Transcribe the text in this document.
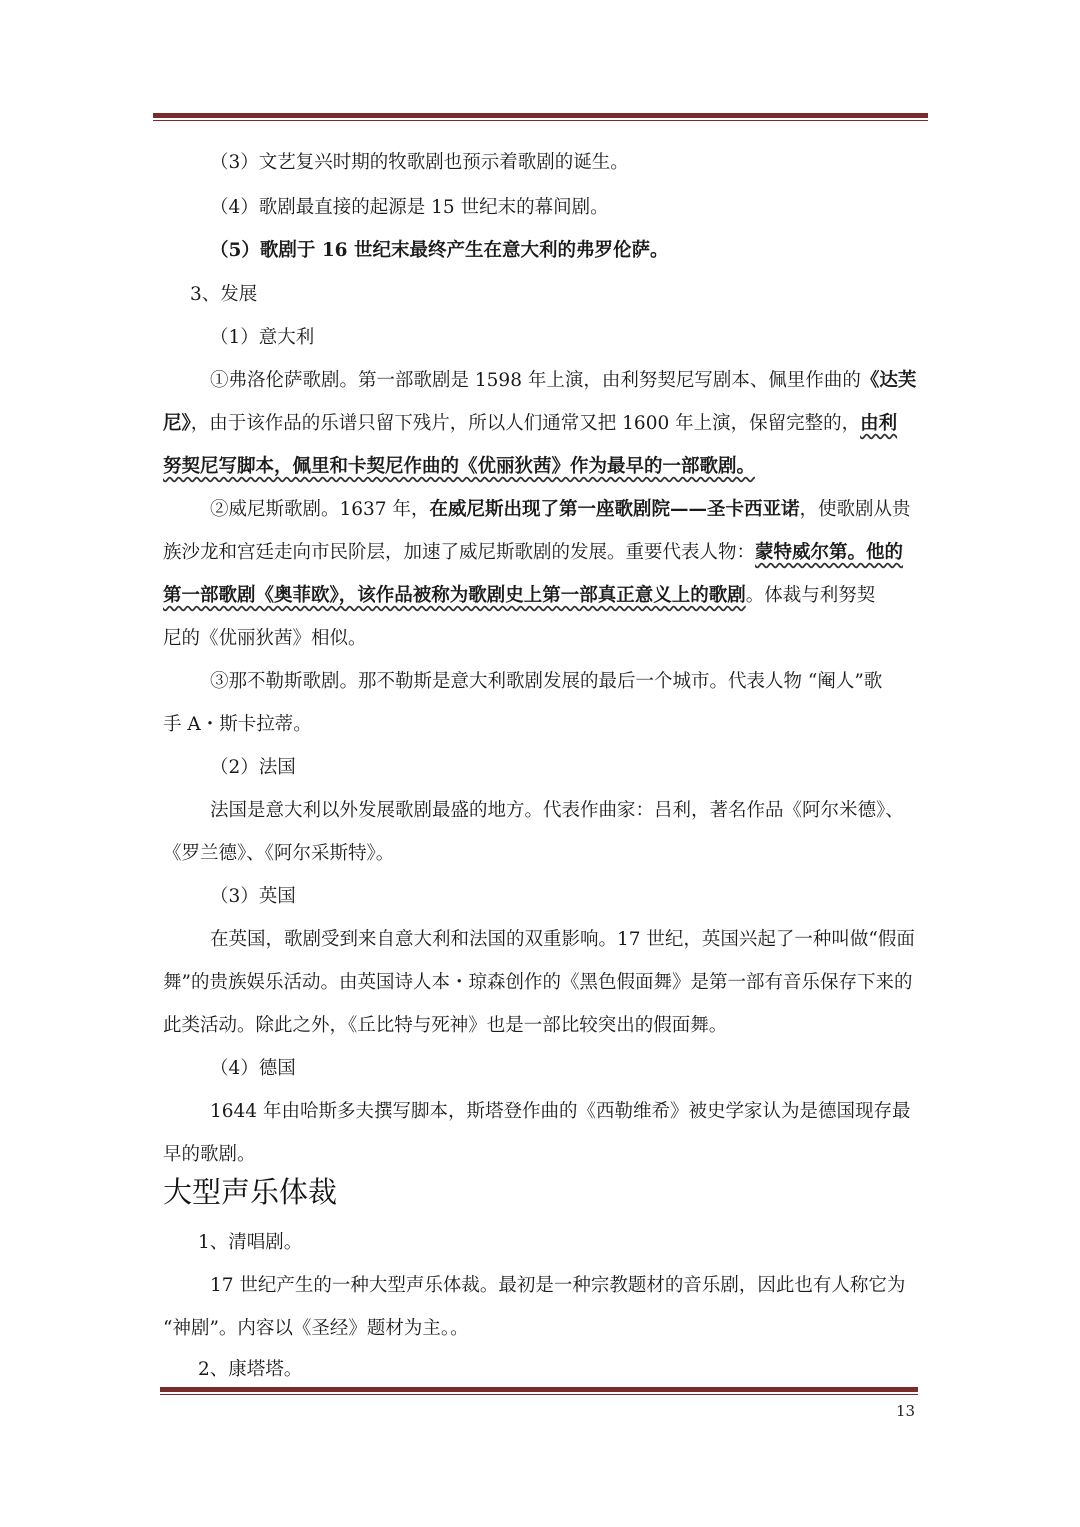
（3）文艺复兴时期的牧歌剧也预示着歌剧的诞生。
（4）歌剧最直接的起源是 15 世纪末的幕间剧。
（5）歌剧于 16 世纪末最终产生在意大利的弗罗伦萨。
3、发展
（1）意大利
①弗洛伦萨歌剧。第一部歌剧是 1598 年上演，由利努契尼写剧本、佩里作曲的《达芙
尼》，由于该作品的乐谱只留下残片，所以人们通常又把 1600 年上演，保留完整的，由利
努契尼写脚本，佩里和卡契尼作曲的《优丽狄茜》作为最早的一部歌剧。
②威尼斯歌剧。1637 年，在威尼斯出现了第一座歌剧院——圣卡西亚诺，使歌剧从贵
族沙龙和宫廷走向市民阶层，加速了威尼斯歌剧的发展。重要代表人物：蒙特威尔第。他的
第一部歌剧《奥菲欧》，该作品被称为歌剧史上第一部真正意义上的歌剧。体裁与利努契
尼的《优丽狄茜》相似。
③那不勒斯歌剧。那不勒斯是意大利歌剧发展的最后一个城市。代表人物 “阉人”歌
手 A・斯卡拉蒂。
（2）法国
法国是意大利以外发展歌剧最盛的地方。代表作曲家：吕利，著名作品《阿尔米德》、
《罗兰德》、《阿尔采斯特》。
（3）英国
在英国，歌剧受到来自意大利和法国的双重影响。17 世纪，英国兴起了一种叫做“假面
舞”的贵族娱乐活动。由英国诗人本・琼森创作的《黑色假面舞》是第一部有音乐保存下来的
此类活动。除此之外，《丘比特与死神》也是一部比较突出的假面舞。
（4）德国
1644 年由哈斯多夫撰写脚本，斯塔登作曲的《西勒维希》被史学家认为是德国现存最
早的歌剧。
大型声乐体裁
1、清唱剧。
17 世纪产生的一种大型声乐体裁。最初是一种宗教题材的音乐剧，因此也有人称它为
“神剧”。内容以《圣经》题材为主。。
2、康塔塔。
13
